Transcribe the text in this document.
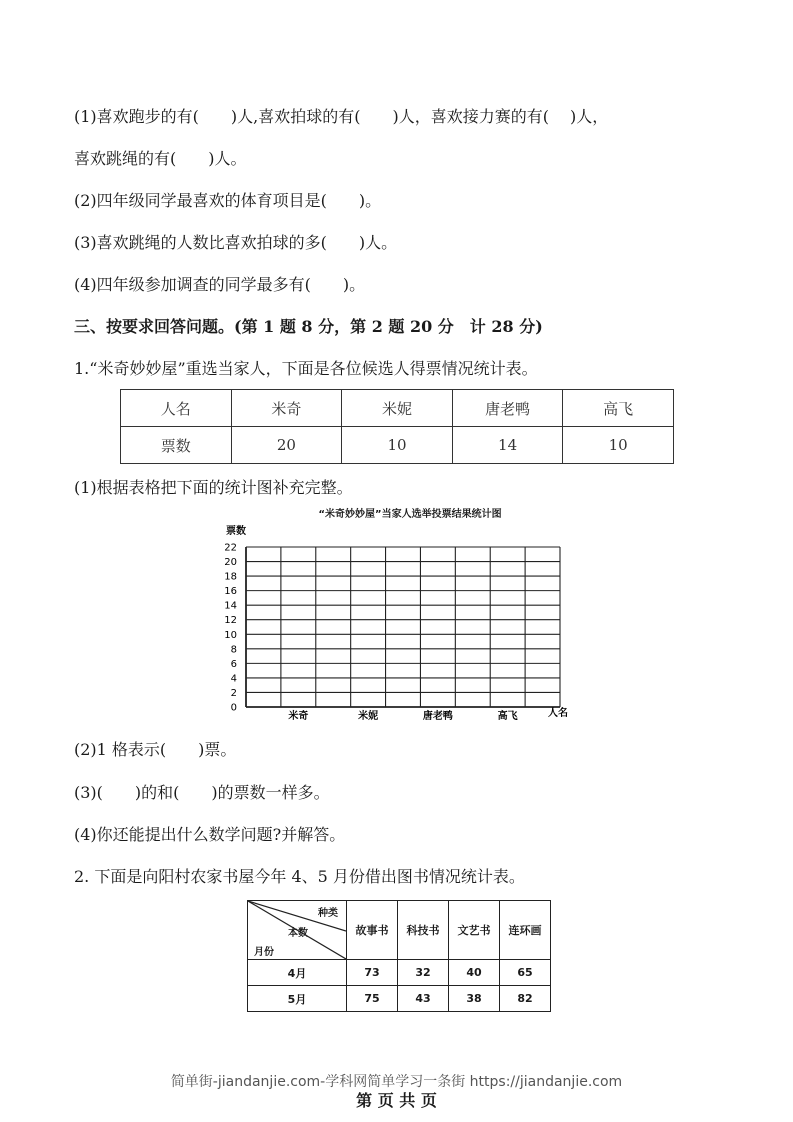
(1)喜欢跑步的有(　　)人,喜欢拍球的有(　　)人，喜欢接力赛的有(　 )人，
喜欢跳绳的有(　　)人。
(2)四年级同学最喜欢的体育项目是(　　)。
(3)喜欢跳绳的人数比喜欢拍球的多(　　)人。
(4)四年级参加调查的同学最多有(　　)。
三、按要求回答问题。(第 1 题 8 分，第 2 题 20 分　计 28 分)
1.“米奇妙妙屋”重选当家人，下面是各位候选人得票情况统计表。
人名	米奇	米妮	唐老鸭	高飞
票数	20	10	14	10
(1)根据表格把下面的统计图补充完整。
“米奇妙妙屋”当家人选举投票结果统计图
0
2
4
6
8
10
12
14
16
18
20
22
米奇	米妮	唐老鸭	高飞
票数
人名
(2)1 格表示(　　)票。
(3)(　　)的和(　　)的票数一样多。
(4)你还能提出什么数学问题?并解答。
2. 下面是向阳村农家书屋今年 4、5 月份借出图书情况统计表。
种类
本数
月份	故事书	科技书	文艺书	连环画
4月	73	32	40	65
5月	75	43	38	82
简单街-jiandanjie.com-学科网简单学习一条街 https://jiandanjie.com
第 页 共 页
